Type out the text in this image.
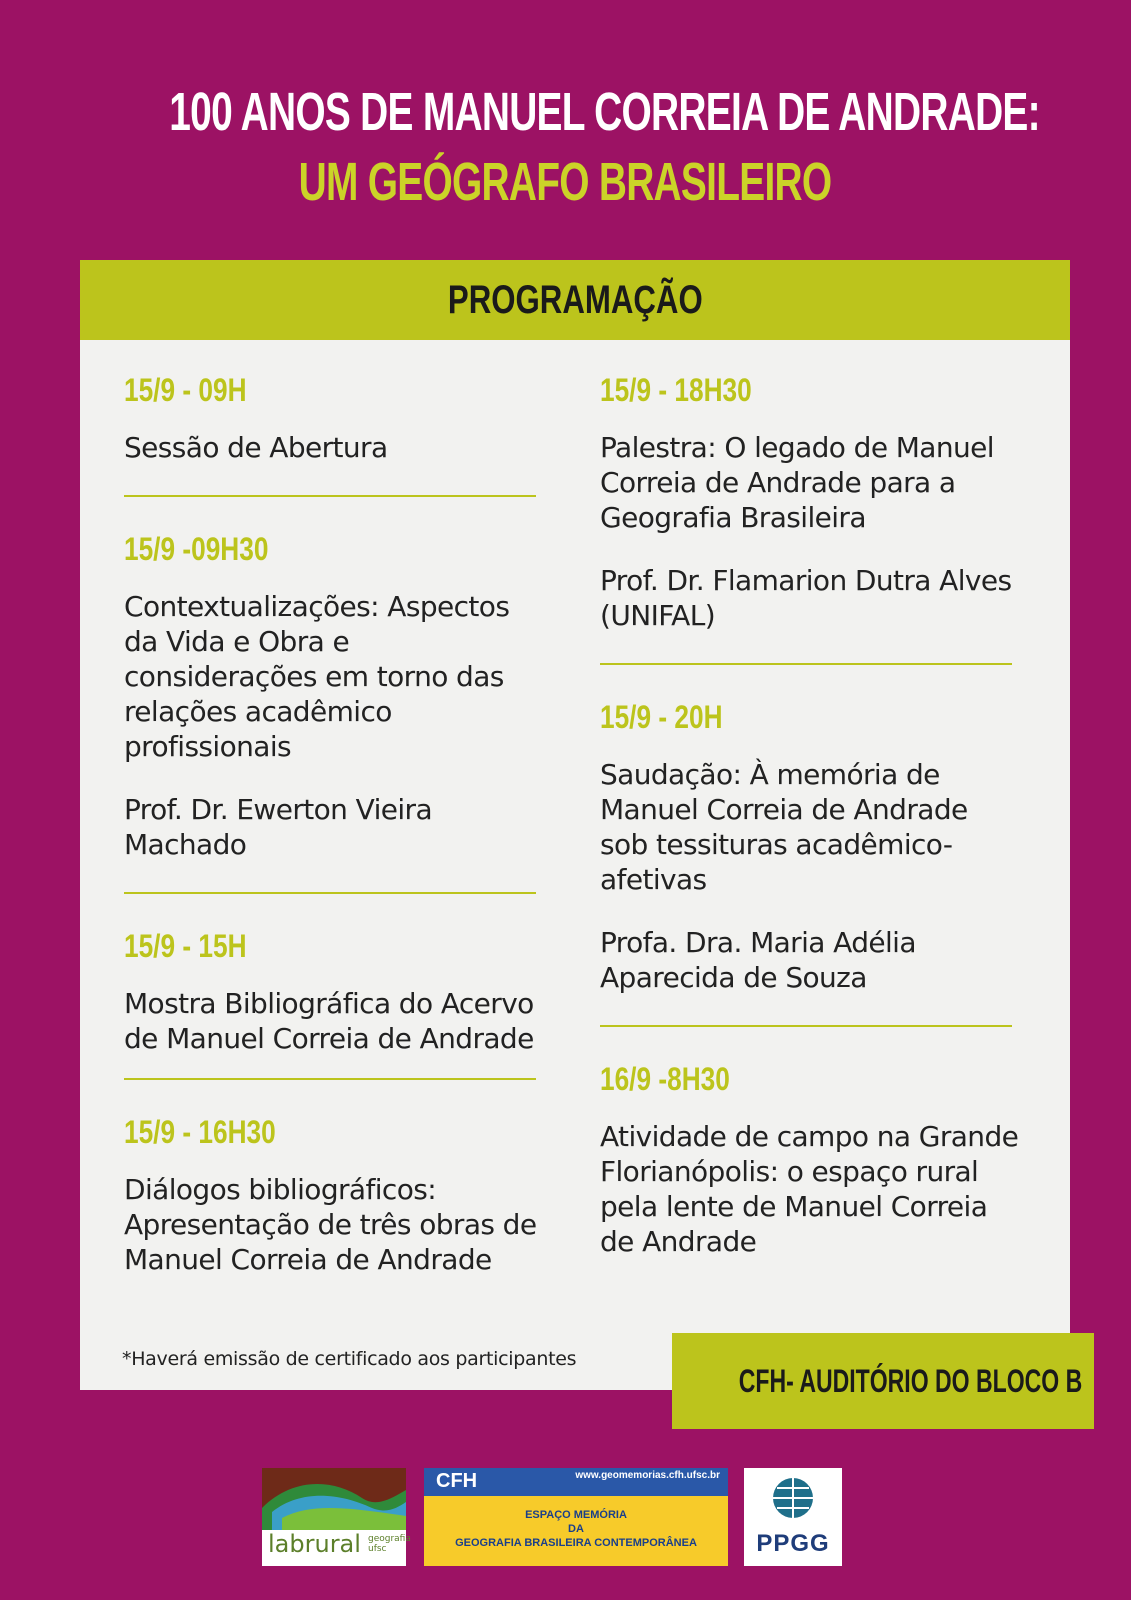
100 ANOS DE MANUEL CORREIA DE ANDRADE:
UM GEÓGRAFO BRASILEIRO
PROGRAMAÇÃO

15/9 - 09H

Sessão de Abertura

15/9 -09H30

Contextualizações: Aspectos da Vida e Obra e considerações em torno das relações acadêmico profissionais

Prof. Dr. Ewerton Vieira Machado

15/9 - 15H

Mostra Bibliográfica do Acervo de Manuel Correia de Andrade

15/9 - 16H30

Diálogos bibliográficos: Apresentação de três obras de Manuel Correia de Andrade

15/9 - 18H30

Palestra: O legado de Manuel Correia de Andrade para a Geografia Brasileira

Prof. Dr. Flamarion Dutra Alves (UNIFAL)

15/9 - 20H

Saudação: À memória de Manuel Correia de Andrade sob tessituras acadêmico-afetivas

Profa. Dra. Maria Adélia Aparecida de Souza

16/9 -8H30

Atividade de campo na Grande Florianópolis: o espaço rural pela lente de Manuel Correia de Andrade

*Haverá emissão de certificado aos participantes
CFH- AUDITÓRIO DO BLOCO B
labrural geografia
ufsc
CFH	www.geomemorias.cfh.ufsc.br
ESPAÇO MEMÓRIA
DA
GEOGRAFIA BRASILEIRA CONTEMPORÂNEA	PPGG
